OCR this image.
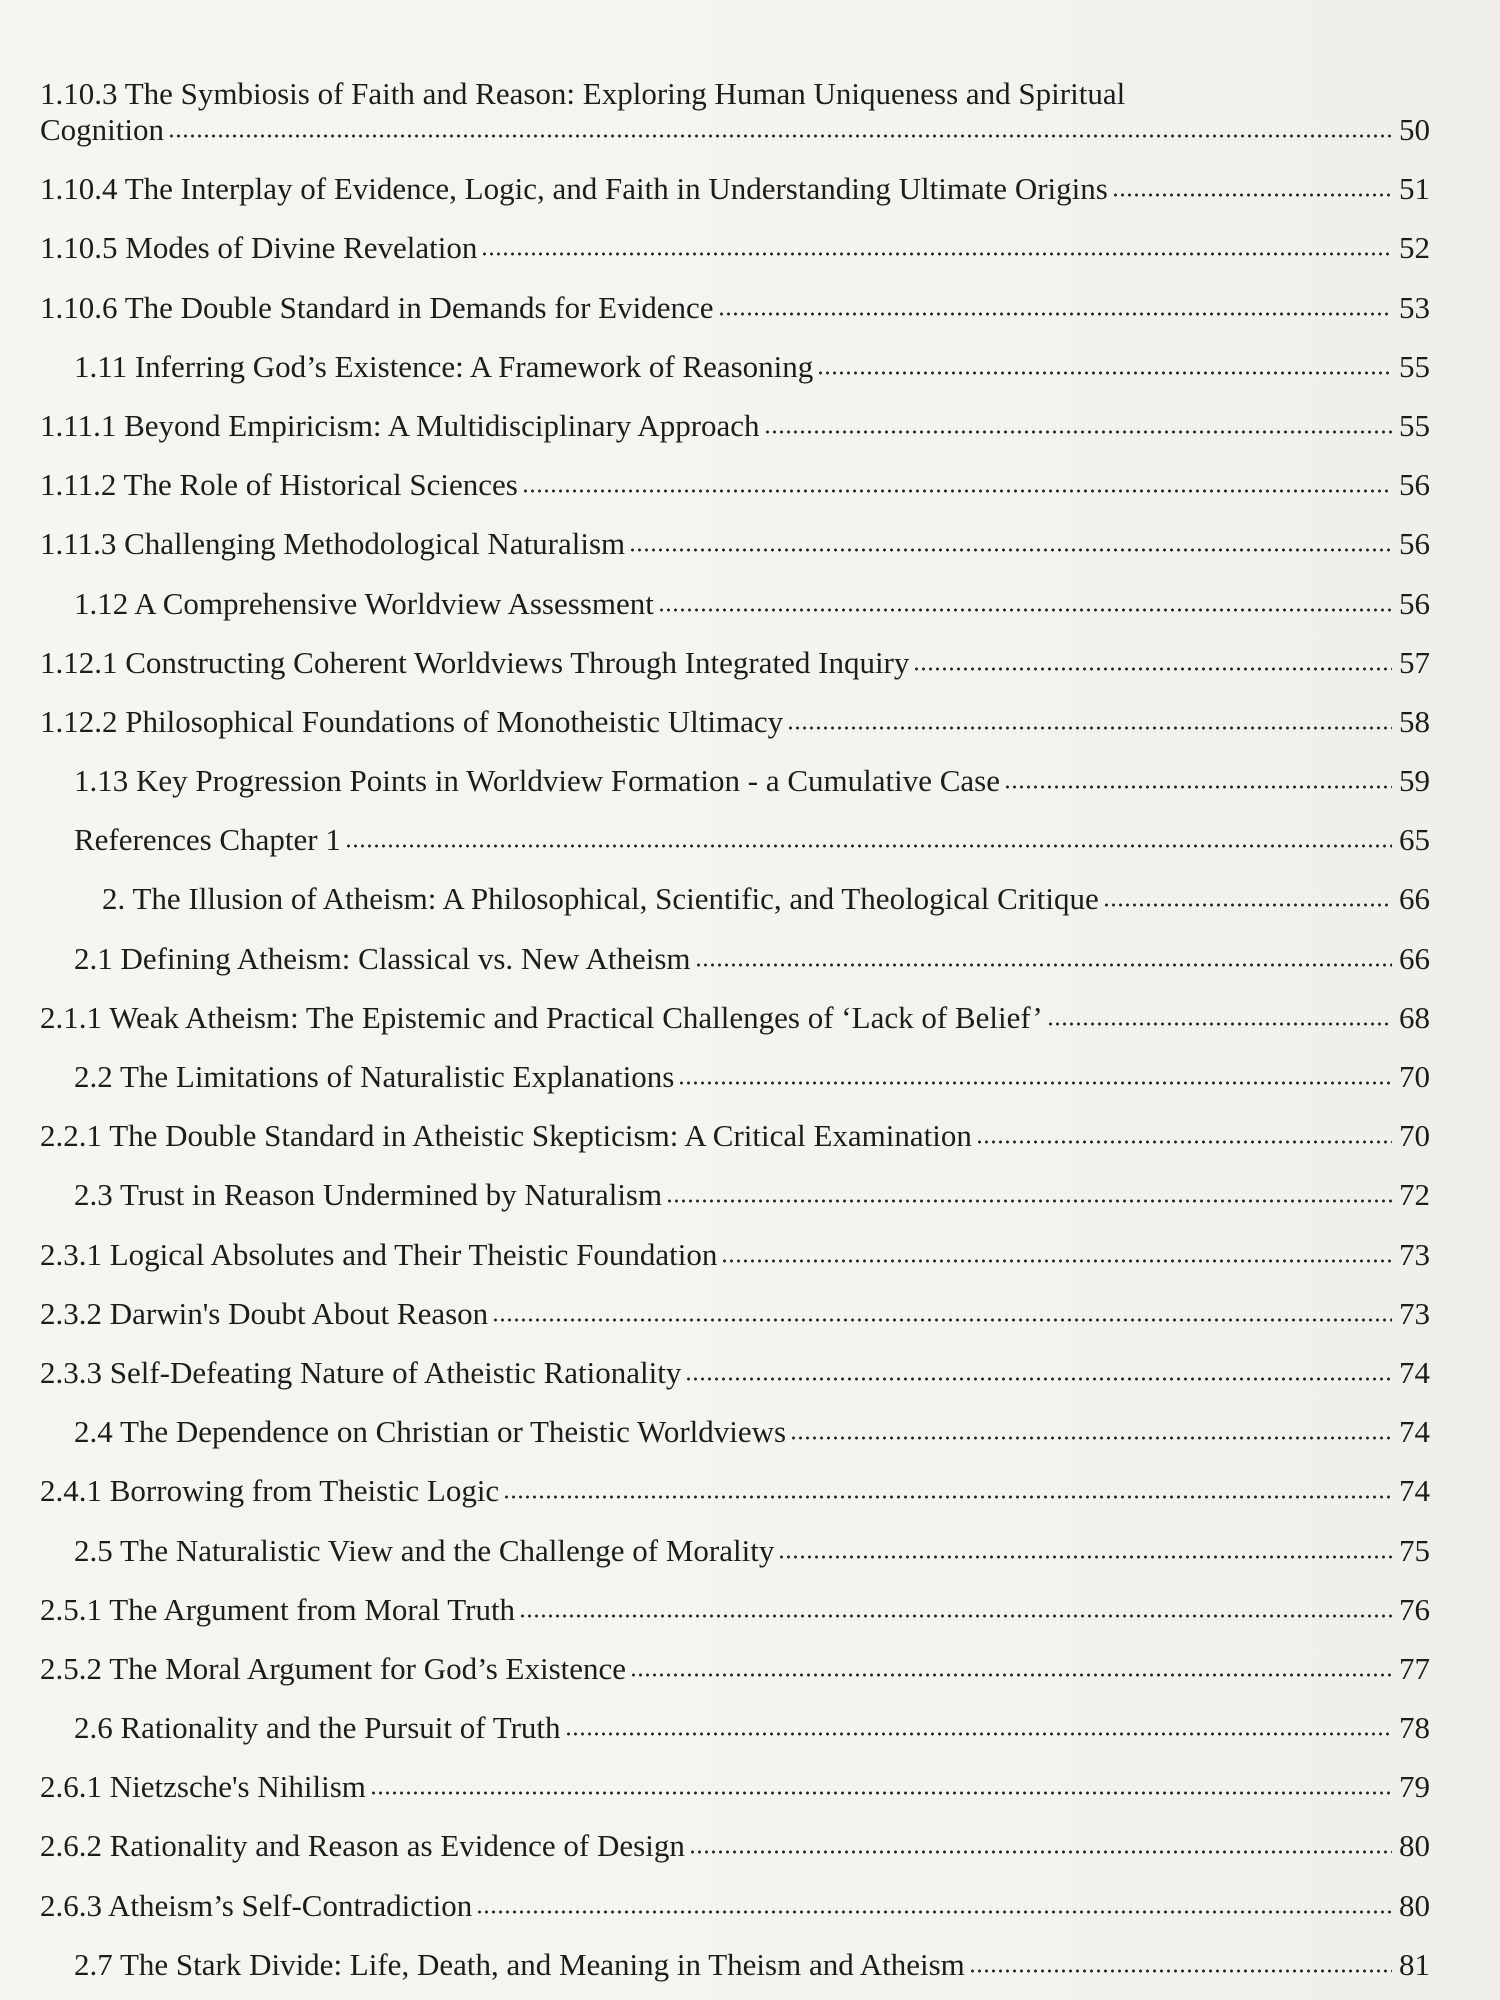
1.10.3 The Symbiosis of Faith and Reason: Exploring Human Uniqueness and Spiritual
Cognition	50
1.10.4 The Interplay of Evidence, Logic, and Faith in Understanding Ultimate Origins	51
1.10.5 Modes of Divine Revelation	52
1.10.6 The Double Standard in Demands for Evidence	53
1.11 Inferring God’s Existence: A Framework of Reasoning	55
1.11.1 Beyond Empiricism: A Multidisciplinary Approach	55
1.11.2 The Role of Historical Sciences	56
1.11.3 Challenging Methodological Naturalism	56
1.12 A Comprehensive Worldview Assessment	56
1.12.1 Constructing Coherent Worldviews Through Integrated Inquiry	57
1.12.2 Philosophical Foundations of Monotheistic Ultimacy	58
1.13 Key Progression Points in Worldview Formation - a Cumulative Case	59
References Chapter 1	65
2. The Illusion of Atheism: A Philosophical, Scientific, and Theological Critique	66
2.1 Defining Atheism: Classical vs. New Atheism	66
2.1.1 Weak Atheism: The Epistemic and Practical Challenges of ‘Lack of Belief’	68
2.2 The Limitations of Naturalistic Explanations	70
2.2.1 The Double Standard in Atheistic Skepticism: A Critical Examination	70
2.3 Trust in Reason Undermined by Naturalism	72
2.3.1 Logical Absolutes and Their Theistic Foundation	73
2.3.2 Darwin's Doubt About Reason	73
2.3.3 Self-Defeating Nature of Atheistic Rationality	74
2.4 The Dependence on Christian or Theistic Worldviews	74
2.4.1 Borrowing from Theistic Logic	74
2.5 The Naturalistic View and the Challenge of Morality	75
2.5.1 The Argument from Moral Truth	76
2.5.2 The Moral Argument for God’s Existence	77
2.6 Rationality and the Pursuit of Truth	78
2.6.1 Nietzsche's Nihilism	79
2.6.2 Rationality and Reason as Evidence of Design	80
2.6.3 Atheism’s Self-Contradiction	80
2.7 The Stark Divide: Life, Death, and Meaning in Theism and Atheism	81
